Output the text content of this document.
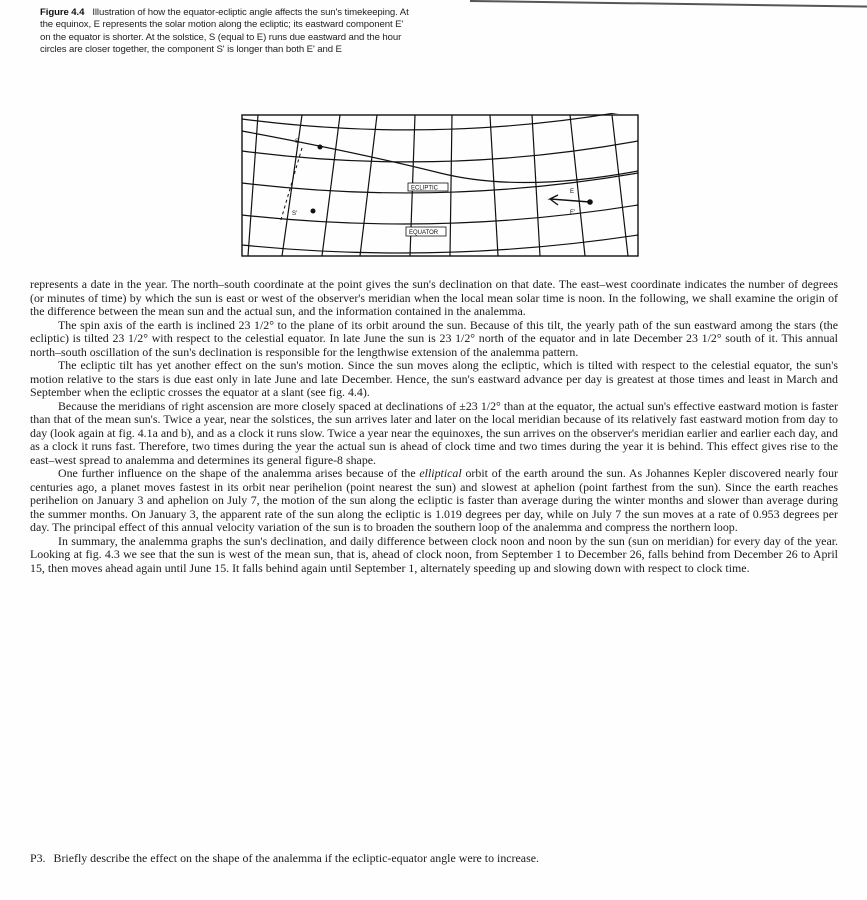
Figure 4.4 Illustration of how the equator-ecliptic angle affects the sun's timekeeping. At the equinox, E represents the solar motion along the ecliptic; its eastward component E' on the equator is shorter. At the solstice, S (equal to E) runs due eastward and the hour circles are closer together, the component S' is longer than both E' and E
S
S'
E
E'
ECLIPTIC
EQUATOR

represents a date in the year. The north–south coordinate at the point gives the sun's declination on that date. The east–west coordinate indicates the number of degrees (or minutes of time) by which the sun is east or west of the observer's meridian when the local mean solar time is noon. In the following, we shall examine the origin of the difference between the mean sun and the actual sun, and the information contained in the analemma.

The spin axis of the earth is inclined 23 1/2° to the plane of its orbit around the sun. Because of this tilt, the yearly path of the sun eastward among the stars (the ecliptic) is tilted 23 1/2° with respect to the celestial equator. In late June the sun is 23 1/2° north of the equator and in late December 23 1/2° south of it. This annual north–south oscillation of the sun's declination is responsible for the lengthwise extension of the analemma pattern.

The ecliptic tilt has yet another effect on the sun's motion. Since the sun moves along the ecliptic, which is tilted with respect to the celestial equator, the sun's motion relative to the stars is due east only in late June and late December. Hence, the sun's eastward advance per day is greatest at those times and least in March and September when the ecliptic crosses the equator at a slant (see fig. 4.4).

Because the meridians of right ascension are more closely spaced at declinations of ±23 1/2° than at the equator, the actual sun's effective eastward motion is faster than that of the mean sun's. Twice a year, near the solstices, the sun arrives later and later on the local meridian because of its relatively fast eastward motion from day to day (look again at fig. 4.1a and b), and as a clock it runs slow. Twice a year near the equinoxes, the sun arrives on the observer's meridian earlier and earlier each day, and as a clock it runs fast. Therefore, two times during the year the actual sun is ahead of clock time and two times during the year it is behind. This effect gives rise to the east–west spread to analemma and determines its general figure-8 shape.

One further influence on the shape of the analemma arises because of the elliptical orbit of the earth around the sun. As Johannes Kepler discovered nearly four centuries ago, a planet moves fastest in its orbit near perihelion (point nearest the sun) and slowest at aphelion (point farthest from the sun). Since the earth reaches perihelion on January 3 and aphelion on July 7, the motion of the sun along the ecliptic is faster than average during the winter months and slower than average during the summer months. On January 3, the apparent rate of the sun along the ecliptic is 1.019 degrees per day, while on July 7 the sun moves at a rate of 0.953 degrees per day. The principal effect of this annual velocity variation of the sun is to broaden the southern loop of the analemma and compress the northern loop.

In summary, the analemma graphs the sun's declination, and daily difference between clock noon and noon by the sun (sun on meridian) for every day of the year. Looking at fig. 4.3 we see that the sun is west of the mean sun, that is, ahead of clock noon, from September 1 to December 26, falls behind from December 26 to April 15, then moves ahead again until June 15. It falls behind again until September 1, alternately speeding up and slowing down with respect to clock time.

P3. Briefly describe the effect on the shape of the analemma if the ecliptic-equator angle were to increase.
